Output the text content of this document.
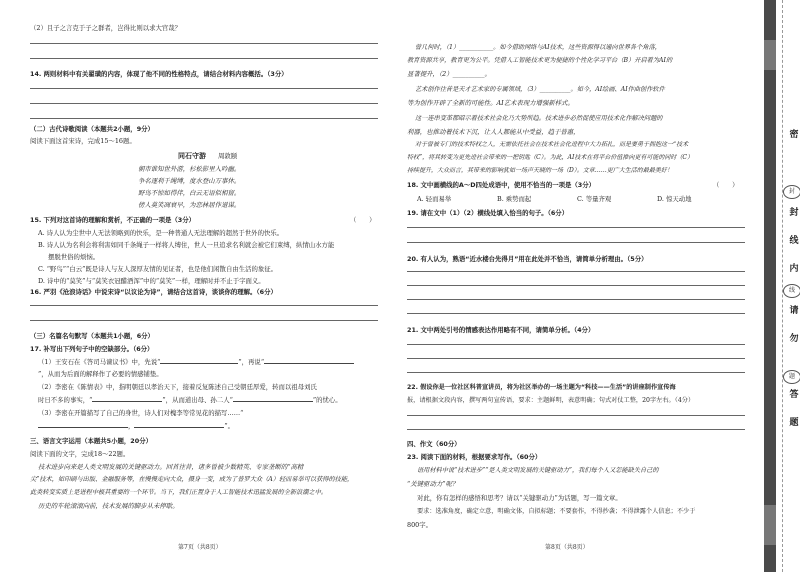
（2）且子之言克于子之群者，岂得比则以求大官哉？
14. 两则材料中有关翟璜的内容，体现了他不同的性格特点，请结合材料内容概括。（3分）
（二）古代诗歌阅读（本题共2小题，9分）
阅读下面这首宋诗，完成15～16题。
同石守游 周敦颐
朝市谁知世外游，杉松影里入吟幽。
争名逐利千绳缚，度水登山万事休。
野鸟不惊如得伴，白云无语似相留。
傍人莫笑凋衰早，为恋林居作退谋。
15. 下列对这首诗的理解和赏析，不正确的一项是（3分）	（　　）
A. 诗人认为尘世中人无法领略到的快乐，是一种普通人无法理解的超然于世外的快乐。
B. 诗人认为名利会将利害如同千条绳子一样将人缚住，世人一旦追求名利就会被它们束缚，纵情山水方能
摆脱世俗的烦恼。
C. “野鸟”“白云”既是诗人与友人深厚友情的见证者，也是他们闲散自由生活的象征。
D. 诗中的“莫笑”与“莫笑衣冠醋酒浑”中的“莫笑”一样，理解时并不止于字面义。
16. 严羽《沧浪诗话》中说宋诗“以议论为诗”，请结合这首诗，谈谈你的理解。（6分）
（三）名篇名句默写（本题共1小题，6分）
17. 补写出下列句子中的空缺部分。（6分）
（1）王安石在《答司马谏议书》中，先说“	”，再说“
”，从而为后面的解释作了必要的情感铺垫。
（2）李密在《陈情表》中，指明朝廷以孝治天下，接着反复陈述自己受朝廷厚爱，转而以祖母刘氏
时日不多的事实，“	”，从而道出母、孙二人“	”的忧心。
（3）李密在开篇描写了自己的身世，诗人们对槐李等常见花的描写……“
，	”。
三、语言文字运用（本题共5小题，20分）
阅读下面的文字，完成18～22题。
技术进步向来是人类文明发展的关键驱动力。回首往昔，诸多曾被少数精英、专家垄断的“高精
尖”技术，如印刷与出版、金融服务等，在慢慢走向大众，摄身一变，成为了普罗大众（A）轻而易举可以获得的技能，
此类转变实质上是进程中极其重要的一个环节。当下，我们正置身于人工智能技术迅猛发展的全新浪潮之中。
历史的车轮滚滚向前，技术发展的脚步从未停歇。
第7页（共8页）
曾几何时，（1）___________。如今借助网络与AI技术，这些资源得以通向世界各个角落，
教育资源共享，教育更为公平。凭借人工智能技术更为便捷的个性化学习平台（B）开启着为AI的
显著提升，（2）__________。
艺术创作往昔是天才艺术家的专属领域，（3）__________。如今，AI绘画、AI作曲创作软件
等为创作开辟了全新的可能性。AI艺术表现力增强新样式。
这一连串变革都昭示着技术社会化乃大势所趋。技术进步必然促使应用技术化作解决问题的
利器，也推动着技术下沉，让人人都能从中受益，趋于普惠，
对于曾被专门的技术特权之人，无需依托社会在技术社会化进程中大力拓扎，而是要勇于拥抱这一“技术
特权”，将其转变为更先进社会带来的一把钥匙（C）。为此，AI技术在将平台价值推向更有可能的同时（C）
持续提升，大众而言，其带来的影响犹如一场声天晓的一场（D）。文章……更广大生活的最最美好！
18. 文中画横线的A～D四处成语中，使用不恰当的一项是（3分）	（　　）
A. 轻而易举	B. 乘势而起	C. 等量齐观	D. 惊天动地
19. 请在文中（1）（2）横线处填入恰当的句子。（6分）
20. 有人认为，熟语“近水楼台先得月”用在此处并不恰当，请简单分析理由。（5分）
21. 文中两处引号的情感表达作用略有不同，请简单分析。（4分）
22. 假设你是一位社区科普宣讲员，将为社区举办的一场主题为“科技——生活”的讲座制作宣传海
报，请根据文段内容，撰写两句宣传语，要求：主题鲜明，表意明确；句式对仗工整，20字左右。（4分）
四、作文（60分）
23. 阅读下面的材料，根据要求写作。（60分）
语用材料中说“技术进步”“是人类文明发展的关键驱动力”，我们每个人又怎能缺失自己的
“关键驱动力”呢？
对此，你有怎样的感悟和思考？请以“关键驱动力”为话题，写一篇文章。
要求：选准角度，确定立意，明确文体，自拟标题；不要套作，不得抄袭；不得泄露个人信息；不少于
800字。
第8页（共8页）
密
封
封
线
内
线
请
勿
题
答
题
